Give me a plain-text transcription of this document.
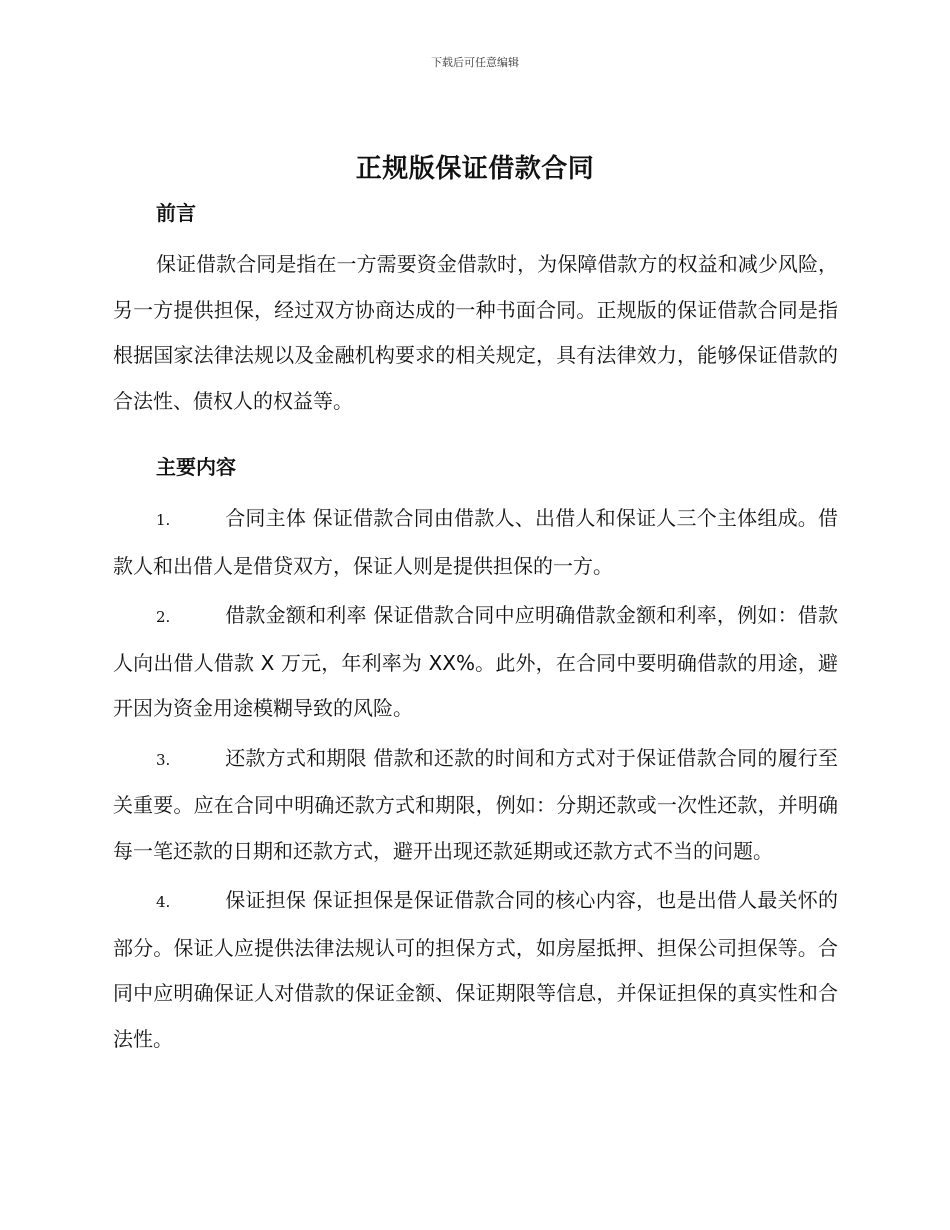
下载后可任意编辑
正规版保证借款合同

前言

保证借款合同是指在一方需要资金借款时，为保障借款方的权益和减少风险，另一方提供担保，经过双方协商达成的一种书面合同。正规版的保证借款合同是指根据国家法律法规以及金融机构要求的相关规定，具有法律效力，能够保证借款的合法性、债权人的权益等。

主要内容

1.	合同主体 保证借款合同由借款人、出借人和保证人三个主体组成。借款人和出借人是借贷双方，保证人则是提供担保的一方。

2.	借款金额和利率 保证借款合同中应明确借款金额和利率，例如：借款人向出借人借款 X 万元，年利率为 XX%。此外，在合同中要明确借款的用途，避开因为资金用途模糊导致的风险。

3.	还款方式和期限 借款和还款的时间和方式对于保证借款合同的履行至关重要。应在合同中明确还款方式和期限，例如：分期还款或一次性还款，并明确每一笔还款的日期和还款方式，避开出现还款延期或还款方式不当的问题。

4.	保证担保 保证担保是保证借款合同的核心内容，也是出借人最关怀的部分。保证人应提供法律法规认可的担保方式，如房屋抵押、担保公司担保等。合同中应明确保证人对借款的保证金额、保证期限等信息，并保证担保的真实性和合法性。
